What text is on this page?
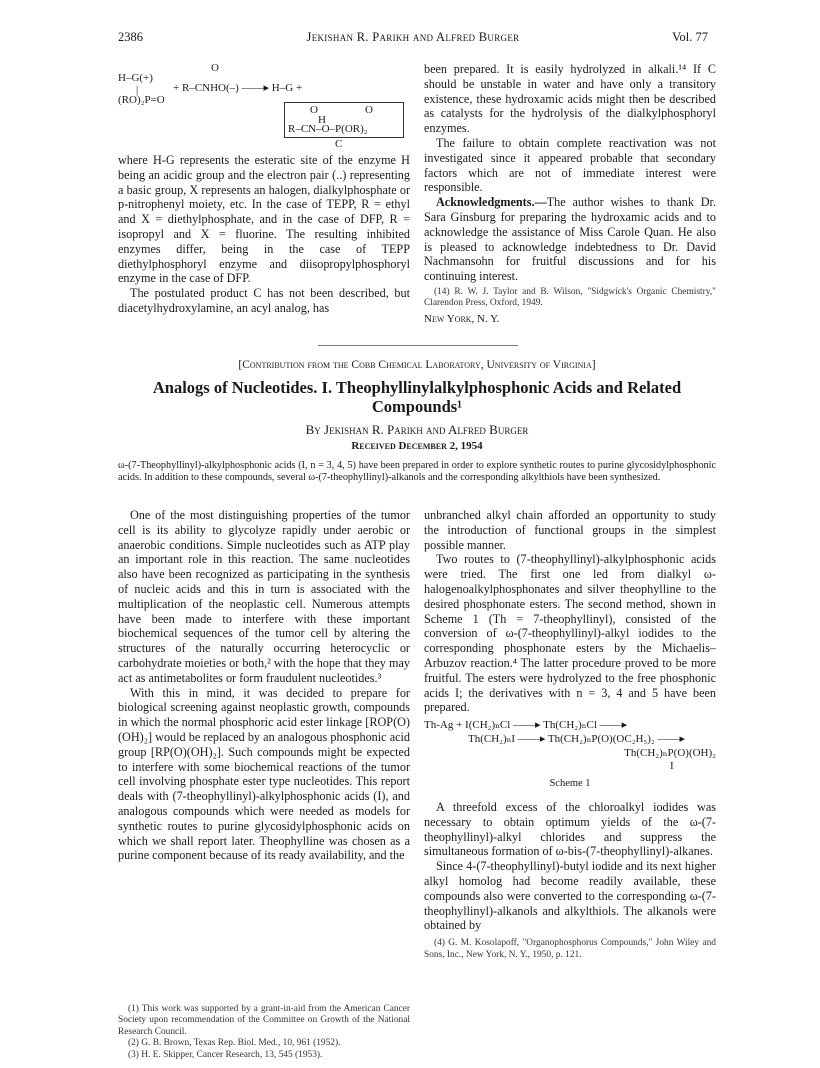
2386	Jekishan R. Parikh and Alfred Burger	Vol. 77
H–G(+)
|
(RO)₂P=O
O
+ R–CNHO(–) ——▸ H–G +
O	O
H
R–CN–O–P(OR)₂
C

where H-G represents the esteratic site of the enzyme H being an acidic group and the electron pair (..) representing a basic group, X represents an halogen, dialkylphosphate or p-nitrophenyl moiety, etc. In the case of TEPP, R = ethyl and X = diethylphosphate, and in the case of DFP, R = isopropyl and X = fluorine. The resulting inhibited enzymes differ, being in the case of TEPP diethylphosphoryl enzyme and diisopropylphosphoryl enzyme in the case of DFP.

The postulated product C has not been described, but diacetylhydroxylamine, an acyl analog, has

been prepared. It is easily hydrolyzed in alkali.¹⁴ If C should be unstable in water and have only a transitory existence, these hydroxamic acids might then be described as catalysts for the hydrolysis of the dialkylphosphoryl enzymes.

The failure to obtain complete reactivation was not investigated since it appeared probable that secondary factors which are not of immediate interest were responsible.

Acknowledgments.—The author wishes to thank Dr. Sara Ginsburg for preparing the hydroxamic acids and to acknowledge the assistance of Miss Carole Quan. He also is pleased to acknowledge indebtedness to Dr. David Nachmansohn for fruitful discussions and for his continuing interest.

(14) R. W. J. Taylor and B. Wilson, "Sidgwick's Organic Chemistry," Clarendon Press, Oxford, 1949.
New York, N. Y.
[Contribution from the Cobb Chemical Laboratory, University of Virginia]
Analogs of Nucleotides. I. Theophyllinylalkylphosphonic Acids and Related
Compounds¹
By Jekishan R. Parikh and Alfred Burger
Received December 2, 1954
ω-(7-Theophyllinyl)-alkylphosphonic acids (I, n = 3, 4, 5) have been prepared in order to explore synthetic routes to purine glycosidylphosphonic acids. In addition to these compounds, several ω-(7-theophyllinyl)-alkanols and the corresponding alkylthiols have been synthesized.

One of the most distinguishing properties of the tumor cell is its ability to glycolyze rapidly under aerobic or anaerobic conditions. Simple nucleotides such as ATP play an important role in this reaction. The same nucleotides also have been recognized as participating in the synthesis of nucleic acids and this in turn is associated with the multiplication of the neoplastic cell. Numerous attempts have been made to interfere with these important biochemical sequences of the tumor cell by altering the structures of the naturally occurring heterocyclic or carbohydrate moieties or both,² with the hope that they may act as antimetabolites or form fraudulent nucleotides.³

With this in mind, it was decided to prepare for biological screening against neoplastic growth, compounds in which the normal phosphoric acid ester linkage [ROP(O)(OH)₂] would be replaced by an analogous phosphonic acid group [RP(O)(OH)₂]. Such compounds might be expected to interfere with some biochemical reactions of the tumor cell involving phosphate ester type nucleotides. This report deals with (7-theophyllinyl)-alkylphosphonic acids (I), and analogous compounds which were needed as models for synthetic routes to purine glycosidylphosphonic acids on which we shall report later. Theophylline was chosen as a purine component because of its ready availability, and the

(1) This work was supported by a grant-in-aid from the American Cancer Society upon recommendation of the Committee on Growth of the National Research Council.
(2) G. B. Brown, Texas Rep. Biol. Med., 10, 961 (1952).
(3) H. E. Skipper, Cancer Research, 13, 545 (1953).

unbranched alkyl chain afforded an opportunity to study the introduction of functional groups in the simplest possible manner.

Two routes to (7-theophyllinyl)-alkylphosphonic acids were tried. The first one led from dialkyl ω-halogenoalkylphosphonates and silver theophylline to the desired phosphonate esters. The second method, shown in Scheme 1 (Th = 7-theophyllinyl), consisted of the conversion of ω-(7-theophyllinyl)-alkyl iodides to the corresponding phosphonate esters by the Michaelis–Arbuzov reaction.⁴ The latter procedure proved to be more fruitful. The esters were hydrolyzed to the free phosphonic acids I; the derivatives with n = 3, 4 and 5 have been prepared.

Th-Ag + I(CH₂)ₙCl ——▸ Th(CH₂)ₙCl ——▸
Th(CH₂)ₙI ——▸ Th(CH₂)ₙP(O)(OC₂H₅)₂ ——▸
Th(CH₂)ₙP(O)(OH)₂
I
Scheme 1

A threefold excess of the chloroalkyl iodides was necessary to obtain optimum yields of the ω-(7-theophyllinyl)-alkyl chlorides and suppress the simultaneous formation of ω-bis-(7-theophyllinyl)-alkanes.

Since 4-(7-theophyllinyl)-butyl iodide and its next higher alkyl homolog had become readily available, these compounds also were converted to the corresponding ω-(7-theophyllinyl)-alkanols and alkylthiols. The alkanols were obtained by

(4) G. M. Kosolapoff, "Organophosphorus Compounds," John Wiley and Sons, Inc., New York, N. Y., 1950, p. 121.
